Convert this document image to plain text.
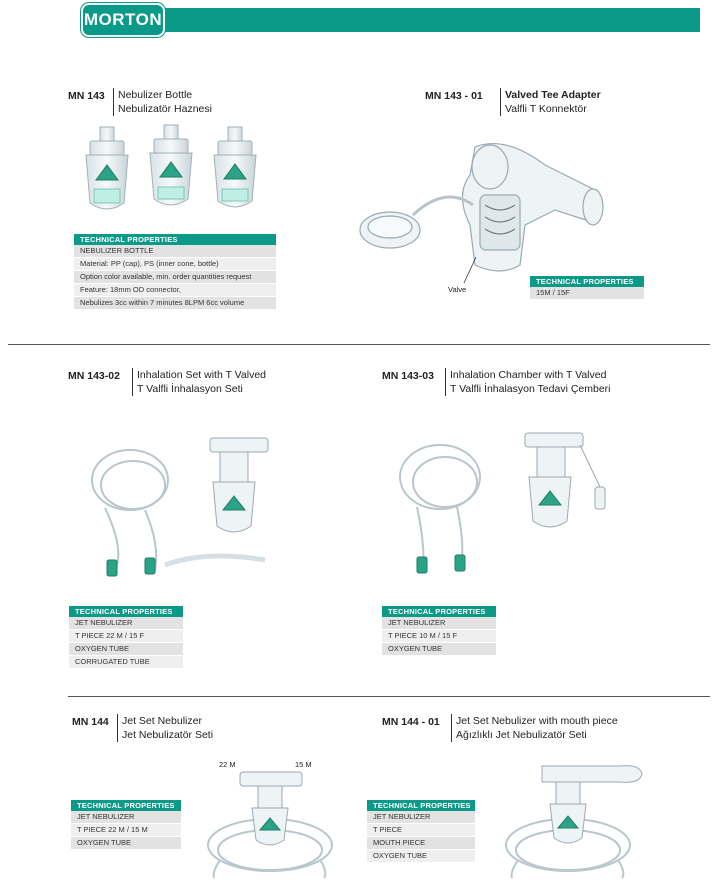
MORTON
MN 143 Nebulizer Bottle
Nebulizatör Haznesi
TECHNICAL PROPERTIES
NEBULIZER BOTTLE
Material: PP (cap), PS (inner cone, bottle)
Option color available, min. order quantities request
Feature: 18mm OD connector,
Nebulizes 3cc within 7 minutes 8LPM 6cc volume
MN 143 - 01 Valved Tee Adapter
Valfli T Konnektör
Valve
TECHNICAL PROPERTIES
15M / 15F
MN 143-02 Inhalation Set with T Valved
T Valfli İnhalasyon Seti
TECHNICAL PROPERTIES
JET NEBULIZER
T PIECE 22 M / 15 F
OXYGEN TUBE
CORRUGATED TUBE
MN 143-03 Inhalation Chamber with T Valved
T Valfli İnhalasyon Tedavi Çemberi
TECHNICAL PROPERTIES
JET NEBULIZER
T PIECE 10 M / 15 F
OXYGEN TUBE
MN 144 Jet Set Nebulizer
Jet Nebulizatör Seti
22 M	15 M
TECHNICAL PROPERTIES
JET NEBULIZER
T PIECE 22 M / 15 M
OXYGEN TUBE
MN 144 - 01 Jet Set Nebulizer with mouth piece
Ağızlıklı Jet Nebulizatör Seti
TECHNICAL PROPERTIES
JET NEBULIZER
T PIECE
MOUTH PIECE
OXYGEN TUBE
